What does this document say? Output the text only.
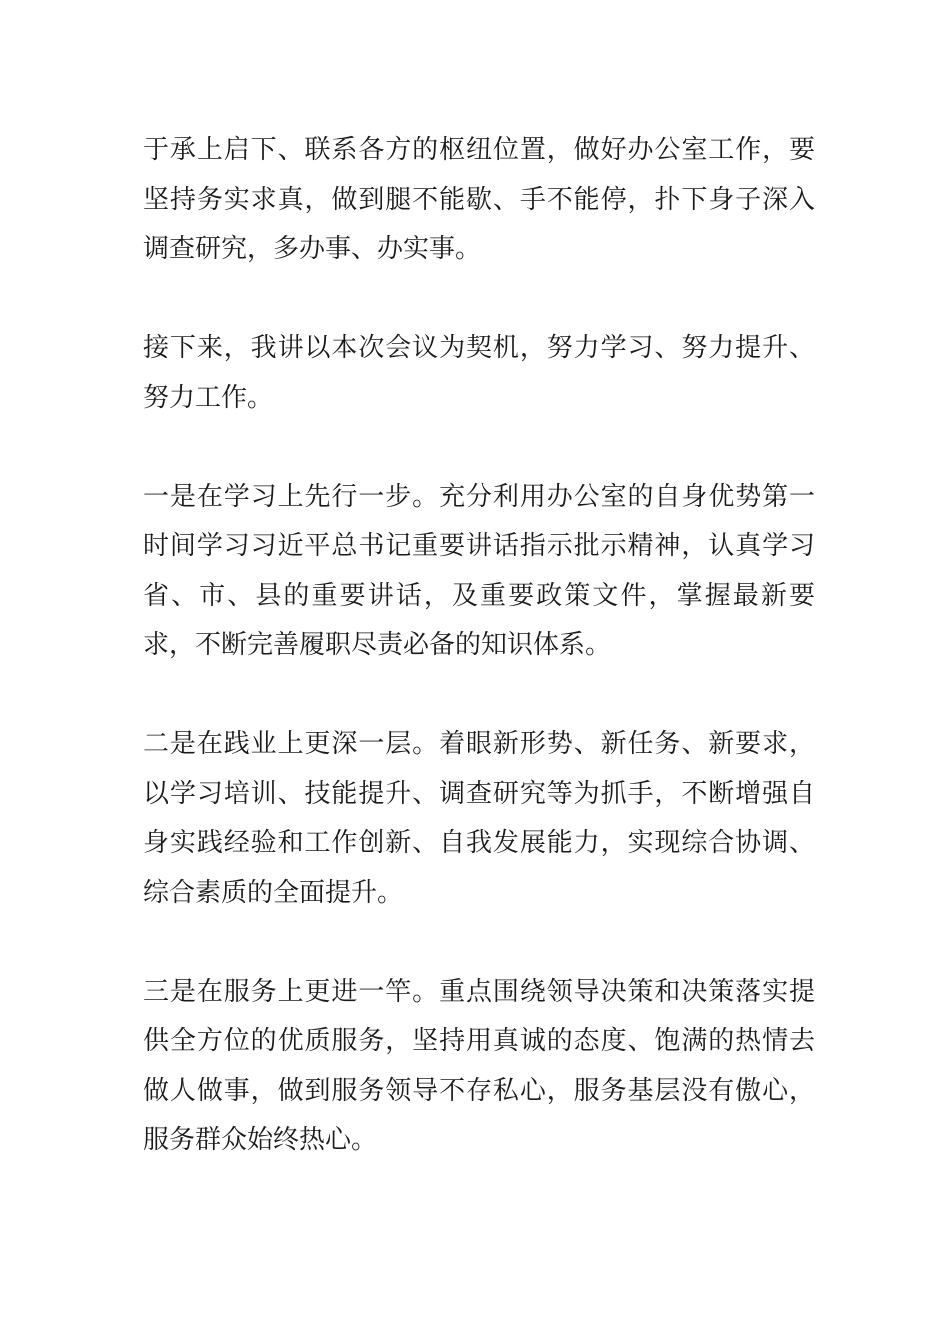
于承上启下、联系各方的枢纽位置，做好办公室工作，要坚持务实求真，做到腿不能歇、手不能停，扑下身子深入调查研究，多办事、办实事。

接下来，我讲以本次会议为契机，努力学习、努力提升、努力工作。

一是在学习上先行一步。充分利用办公室的自身优势第一时间学习习近平总书记重要讲话指示批示精神，认真学习省、市、县的重要讲话，及重要政策文件，掌握最新要求，不断完善履职尽责必备的知识体系。

二是在践业上更深一层。着眼新形势、新任务、新要求，以学习培训、技能提升、调查研究等为抓手，不断增强自身实践经验和工作创新、自我发展能力，实现综合协调、综合素质的全面提升。

三是在服务上更进一竿。重点围绕领导决策和决策落实提供全方位的优质服务，坚持用真诚的态度、饱满的热情去做人做事，做到服务领导不存私心，服务基层没有傲心，服务群众始终热心。
